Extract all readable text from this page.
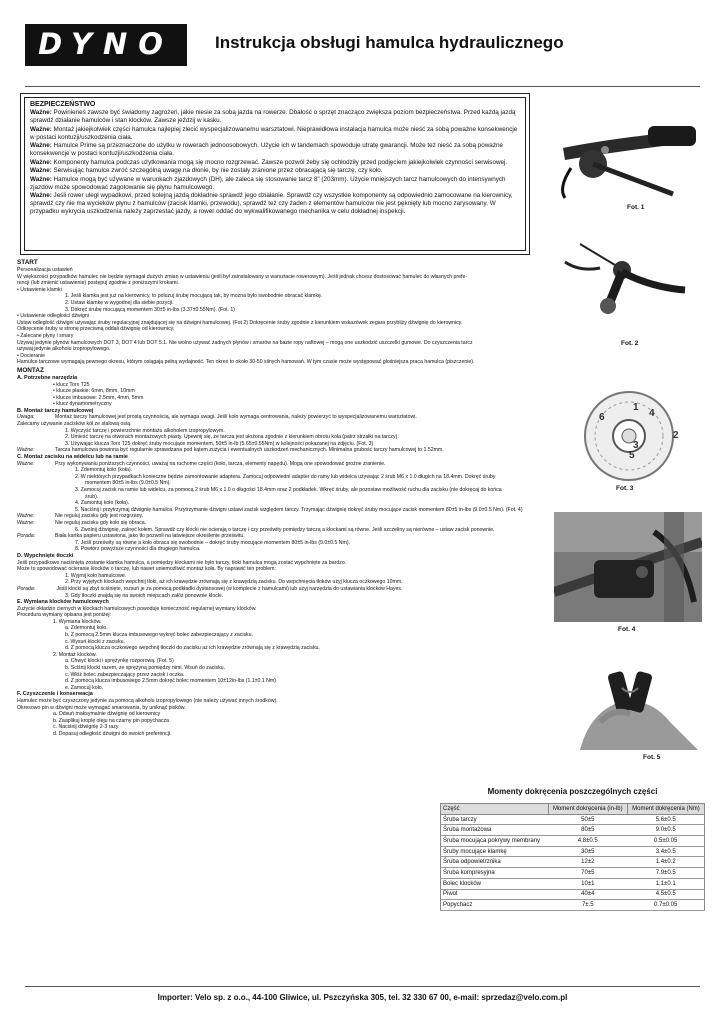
DYNO	Instrukcja obsługi hamulca hydraulicznego
BEZPIECZEŃSTWO

Ważne: Powinieneś zawsze być świadomy zagrożeń, jakie niesie za sobą jazda na rowerze. Dbałość o sprzęt znacząco zwiększa poziom bezpieczeństwa. Przed każdą jazdą sprawdź działanie hamulców i stan klocków. Zawsze jeździj w kasku.

Ważne: Montaż jakiejkolwiek części hamulca najlepiej zlecić wyspecjalizowanemu warsztatowi. Nieprawidłowa instalacja hamulca może nieść za sobą poważne konsekwencje w postaci kontuzji/uszkodzenia ciała.

Ważne: Hamulce Prime są przeznaczone do użytku w rowerach jednoosobowych. Użycie ich w tandemach spowoduje utratę gwarancji. Może też nieść za sobą poważne konsekwencje w postaci kontuzji/uszkodzenia ciała.

Ważne: Komponenty hamulca podczas użytkowania mogą się mocno rozgrzewać. Zawsze pozwól żeby się ochłodziły przed podjęciem jakiejkolwiek czynności serwisowej.

Ważne: Serwisując hamulce zwróć szczególną uwagę na dłonie, by nie zostały zranione przez obracającą się tarczę, czy koło.

Ważne: Hamulce mogą być używane w warunkach zjazdowych (DH), ale zaleca się stosowanie tarcz 8" (203mm). Użycie mniejszych tarcz hamulcowych do intensywnych zjazdów może spowodować zagotowanie się płynu hamulcowego.

Ważne: Jeśli rower uległ wypadkowi, przed kolejną jazdą dokładnie sprawdź jego działanie. Sprawdź czy wszystkie komponenty są odpowiednio zamocowane na kierownicy, sprawdź czy nie ma wycieków płynu z hamulców (zacisk klamki, przewodu), sprawdź też czy żaden z elementów hamulców nie jest pęknięty lub mocno zarysowany. W przypadku wykrycia uszkodzenia należy zaprzestać jazdy, a rower oddać do wykwalifikowanego mechanika w celu dokładnej inspekcji.

START
Personalizacja ustawień
W większości przypadków hamulec nie będzie wymagał dużych zmian w ustawieniu (jeśli był zainstalowany w warsztacie rowerowym). Jeśli jednak chcesz dostosować hamulec do własnych prefe-
rencji (lub zmienić ustawienie) postępuj zgodnie z poniższymi krokami.
• Ustawienie klamki
1. Jeśli klamka jest już na kierownicy, to poluzuj śrubę mocującą tak, by można było swobodnie obracać klamkę.
2. Ustaw klamkę w wygodnej dla siebie pozycji.
3. Dokręć śrubę mocującą momentem 30±5 in-lbs (3.37±0.55Nm). (Fot. 1)
• Ustawienie odległości dźwigni
Ustaw odległość dźwigni używając śruby regulacyjnej znajdującej się na dźwigni hamulcowej. (Fot 2) Dokręcenie śruby zgodnie z kierunkiem wskazówek zegara przybliży dźwignię do kierownicy.
Odkręcenie śruby w stronę przeciwną oddali dźwignię od kierownicy.
• Zalecane płyny i smary
Używaj jedynie płynów hamulcowych DOT 3, DOT 4 lub DOT 5.1. Nie wolno używać żadnych płynów i smarów na bazie ropy naftowej – mogą one uszkodzić uszczelki gumowe. Do czyszczenia tarcz
używaj jedynie alkoholu izopropylowego.
• Docieranie
Hamulce tarczowe wymagają pewnego okresu, którym osiągają pełną wydajność. Ten okres to około 30-50 silnych hamowań. W tym czasie może występować głośniejsza praca hamulca (piszczenie).
MONTAŻ
A. Potrzebne narzędzia
• klucz Torx T25
• klucze płaskie: 6mm, 8mm, 10mm
• klucze imbusowe: 2.5mm, 4mm, 5mm
• klucz dynamometryczny
B. Montaż tarczy hamulcowej
Uwaga:	Montaż tarczy hamulcowej jest prostą czynnością, ale wymaga uwagi. Jeśli koło wymaga centrowania, należy powierzyć to wyspecjalizowanemu warsztatowi.
Zalecamy używanie zacisków kół ze stalową osią.
1. Wyczyść tarczę i powierzchnie montażu alkoholem izopropylowym.
2. Umieść tarczę na otworach montażowych piasty. Upewnij się, że tarcza jest ułożona zgodnie z kierunkiem obrotu koła (patrz strzałki na tarczy).
3. Używając klucza Torx T25 dokręć śruby mocujące momentem, 50±5 in-lb (5.65±0.55Nm) w kolejności pokazanej na zdjęciu. (Fot. 3)
Ważne:	Tarcza hamulcowa powinna być regularnie sprawdzana pod kątem zużycia i ewentualnych uszkodzeń mechanicznych. Minimalna grubość tarczy hamulcowej to 1.52mm.
C. Montaż zacisku na widelcu lub na ramie
Ważne:	Przy wykonywaniu poniższych czynności, uważaj na ruchome części (koło, tarcza, elementy napędu). Mogą one spowodować groźne zranienie.
1. Zdemontuj koło (koła).
2. W niektórych przypadkach konieczne będzie zamontowanie adaptera. Zamocuj odpowiedni adapter do ramy lub widelca używając 2 śrub M6 x 1.0 długich na 18.4mm. Dokręć śruby
momentem 80±5 in-lbs (9.0±0.5 Nm).
3. Zamocuj zacisk na ramie lub widelcu, za pomocą 2 śrub M6 x 1.0 o długości 18.4mm oraz 2 podkładek. Wkręć śruby, ale pozostaw możliwość ruchu dla zacisku (nie dokręcaj do końca
śrub).
4. Zamontuj koło (koła).
5. Naciśnij i przytrzymaj dźwignię hamulca. Przytrzymanie dźwigni ustawi zacisk względem tarczy. Trzymając dźwignię dokręć śruby mocujące zacisk momentem 80±5 in-lbs (9.0±0.5 Nm). (Fot. 4)
Ważne:	Nie reguluj zacisku gdy jest rozgrzany.
Ważne:	Nie reguluj zacisku gdy koło się obraca.
6. Zwolnij dźwignię, zakręć kołem. Sprawdź czy klocki nie ocierają o tarczę i czy prześwity pomiędzy tarczą a klockami są równe. Jeśli szczeliny są nierówne – ustaw zacisk ponownie.
Porada:	Biała kartka papieru ustawiona, jako tło pozwoli na łatwiejsze określenie prześwitu.
7. Jeśli prześwity są równe a koło obraca się swobodnie – dokręć śruby mocujące momentem 80±5 in-lbs (9.0±0.5 Nm).
8. Powtórz powyższe czynności dla drugiego hamulca.
D. Wypchnięte tłoczki
Jeśli przypadkowo naciśnięta zostanie klamka hamulca, a pomiędzy klockami nie było tarczy, tłoki hamulca mogą zostać wypchnięte za bardzo.
Może to spowodować ocieranie klocków o tarczę, lub nawet uniemożliwić montaż koła. By naprawić ten problem:
1. Wyjmij koło hamulcowe.
2. Przy wyjętych klockach wepchnij tłoki, aż ich krawędzie zrównają się z krawędzią zacisku. Do wepchnięcia tłoków użyj klucza oczkowego 10mm.
Porada:	Jeśli klocki są zbyt ściśnięte, rozsuń je za pomocą podkładki dystansowej (w komplecie z hamulcami) lub użyj narzędzia do ustawiania klocków Hayes.
3. Gdy tłoczki znajdą się na swoich miejscach załóż ponownie klocki.
E. Wymiana klocków hamulcowych
Zużycie okładzin ciernych w klockach hamulcowych powoduje konieczność regularnej wymiany klocków.
Procedura wymiany opisana jest poniżej:
1. Wymiana klocków.
a. Zdemontuj koło.
b. Z pomocą 2.5mm klucza imbusowego wykręć bolec zabezpieczający z zacisku.
c. Wysuń klocki z zacisku.
d. Z pomocą klucza oczkowego wepchnij tłoczki do zacisku aż ich krawędzie zrównają się z krawędzią zacisku.
2. Montaż klocków.
a. Chwyć klocki i sprężynkę rozporową. (Fot. 5)
b. Ściśnij klocki razem, ze sprężyną pomiędzy nimi. Wsuń do zacisku.
c. Włóż bolec zabezpieczający przez zacisk i oczka.
d. Z pomocą klucza imbusowego 2.5mm dokręć bolec momentem 10±12in-lbs (1.1±0.1 Nm)
e. Zamocuj koło.
F. Czyszczenie i konserwacja
Hamulec może być czyszczony jedynie za pomocą alkoholu izopropylowego (nie należy używać innych środków).
Okresowo pin w dźwigni może wymagać smarowania, by uniknąć pisków.
a. Odsuń maksymalnie dźwignię od kierownicy
b. Zaaplikuj kroplę oleju na czarny pin popychacza
c. Naciśnij dźwignię 2-3 razy
d. Dopasuj odległość dźwigni do swoich preferencji.
Fot. 1
Fot. 2
1
2
3
4
5
6
Fot. 3
Fot. 4
Fot. 5
Momenty dokręcenia poszczególnych części
Część	Moment dokręcenia (in-lb)	Moment dokręcenia (Nm)
Śruba tarczy	50±5	5.6±0.5
Śruba montażowa	80±5	9.0±0.5
Śruba mocująca pokrywy membrany	4.8±0.5	0.5±0.05
Śruby mocujące klamkę	30±5	3.4±0.5
Śruba odpowietrznika	12±2	1.4±0.2
Śruba kompresyjna	70±5	7.9±0.5
Bolec klocków	10±1	1.1±0.1
Piwot	40±4	4.5±0.5
Popychacz	7±.5	0.7±0.05
Importer: Velo sp. z o.o., 44-100 Gliwice, ul. Pszczyńska 305, tel. 32 330 67 00, e-mail: sprzedaz@velo.com.pl
